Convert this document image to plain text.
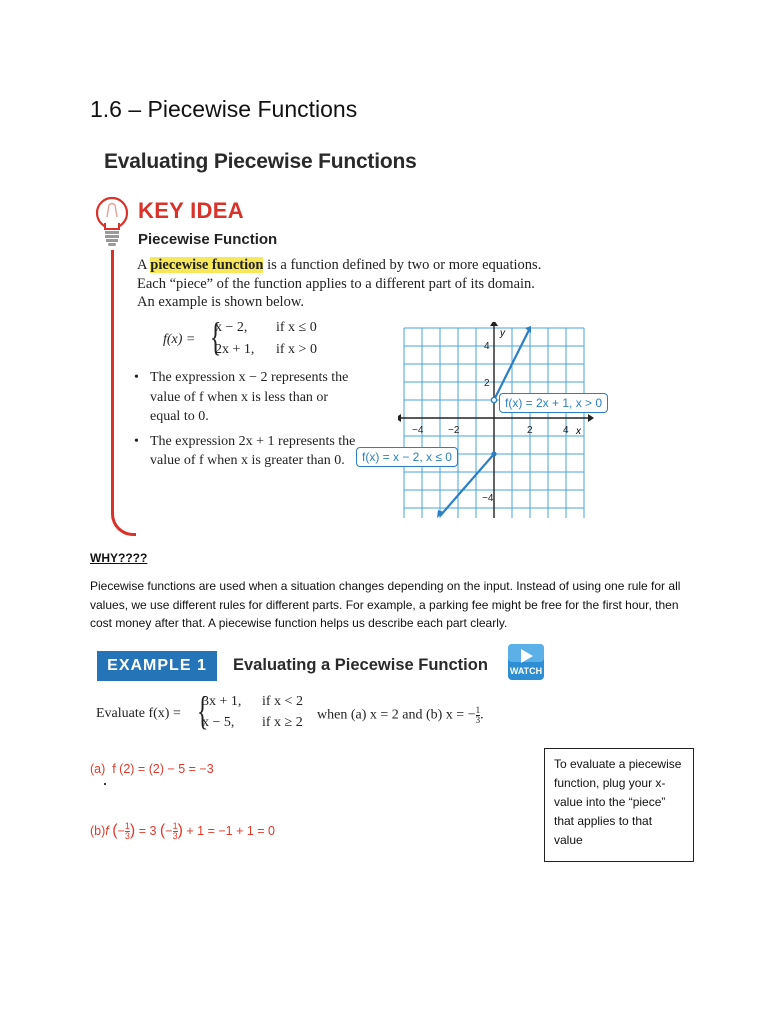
1.6 – Piecewise Functions
Evaluating Piecewise Functions
KEY IDEA
Piecewise Function
A piecewise function is a function defined by two or more equations.
Each “piece” of the function applies to a different part of its domain.
An example is shown below.
f(x) = {
x − 2, if x ≤ 0
2x + 1, if x > 0
• The expression x − 2 represents the value of f when x is less than or equal to 0.
• The expression 2x + 1 represents the value of f when x is greater than 0.
y
x
−4 −2	2	4
4
2
−4
f(x) = 2x + 1, x > 0
f(x) = x − 2, x ≤ 0
WHY????
Piecewise functions are used when a situation changes depending on the input. Instead of using one rule for all values, we use different rules for different parts. For example, a parking fee might be free for the first hour, then cost money after that. A piecewise function helps us describe each part clearly.
EXAMPLE 1	Evaluating a Piecewise Function	WATCH
Evaluate f(x) = {
3x + 1, if x < 2
x − 5, if x ≥ 2 when (a) x = 2 and (b) x = − $\frac{1}{3}$ .
(a) f (2) = (2) − 5 = −3
(b)f (− $\frac{1}{3}$ ) = 3 (− $\frac{1}{3}$ ) + 1 = −1 + 1 = 0
To evaluate a piecewise function, plug your x-value into the “piece” that applies to that value
